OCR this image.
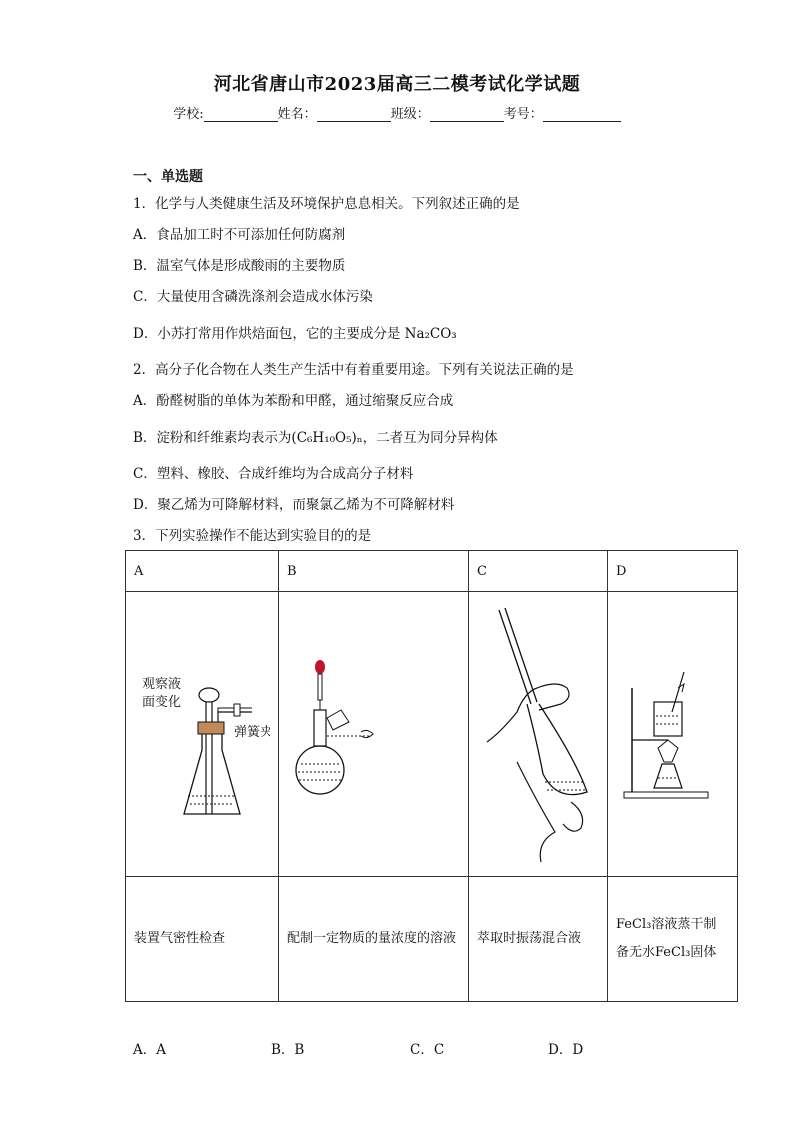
河北省唐山市2023届高三二模考试化学试题
学校:	姓名：	班级：	考号：
一、单选题
1．化学与人类健康生活及环境保护息息相关。下列叙述正确的是
A．食品加工时不可添加任何防腐剂
B．温室气体是形成酸雨的主要物质
C．大量使用含磷洗涤剂会造成水体污染
D．小苏打常用作烘焙面包，它的主要成分是 Na₂CO₃
2．高分子化合物在人类生产生活中有着重要用途。下列有关说法正确的是
A．酚醛树脂的单体为苯酚和甲醛，通过缩聚反应合成
B．淀粉和纤维素均表示为(C₆H₁₀O₅)ₙ，二者互为同分异构体
C．塑料、橡胶、合成纤维均为合成高分子材料
D．聚乙烯为可降解材料，而聚氯乙烯为不可降解材料
3．下列实验操作不能达到实验目的的是
A	B	C	D

观察液
面变化
弹簧夹

装置气密性检查	配制一定物质的量浓度的溶液	萃取时振荡混合液	FeCl₃溶液蒸干制备无水FeCl₃固体
A．A	B．B	C．C	D．D
